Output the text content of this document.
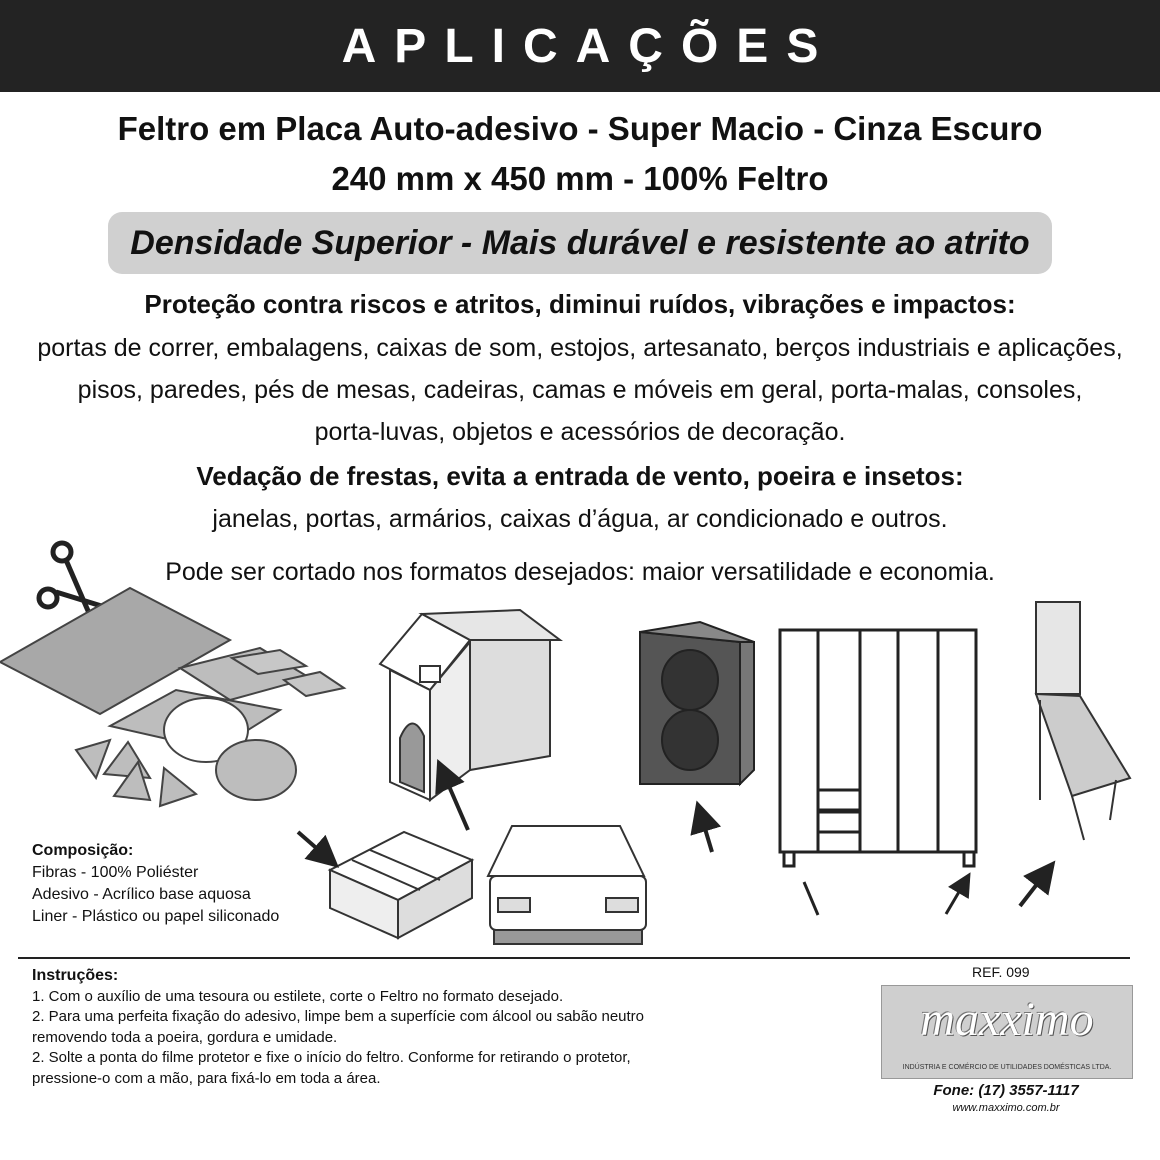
APLICAÇÕES
Feltro em Placa Auto-adesivo - Super Macio - Cinza Escuro
240 mm x 450 mm - 100% Feltro
Densidade Superior - Mais durável e resistente ao atrito
Proteção contra riscos e atritos, diminui ruídos, vibrações e impactos:
portas de correr, embalagens, caixas de som, estojos, artesanato, berços industriais e aplicações,
pisos, paredes, pés de mesas, cadeiras, camas e móveis em geral, porta-malas, consoles,
porta-luvas, objetos e acessórios de decoração.
Vedação de frestas, evita a entrada de vento, poeira e insetos:
janelas, portas, armários, caixas d’água, ar condicionado e outros.
Pode ser cortado nos formatos desejados: maior versatilidade e economia.
Composição:
Fibras - 100% Poliéster
Adesivo - Acrílico base aquosa
Liner - Plástico ou papel siliconado
Instruções:
1. Com o auxílio de uma tesoura ou estilete, corte o Feltro no formato desejado.
2. Para uma perfeita fixação do adesivo, limpe bem a superfície com álcool ou sabão neutro
removendo toda a poeira, gordura e umidade.
2. Solte a ponta do filme protetor e fixe o início do feltro. Conforme for retirando o protetor,
pressione-o com a mão, para fixá-lo em toda a área.
REF. 099
maxximo
INDÚSTRIA E COMÉRCIO DE UTILIDADES DOMÉSTICAS LTDA.
Fone: (17) 3557-1117
www.maxximo.com.br
